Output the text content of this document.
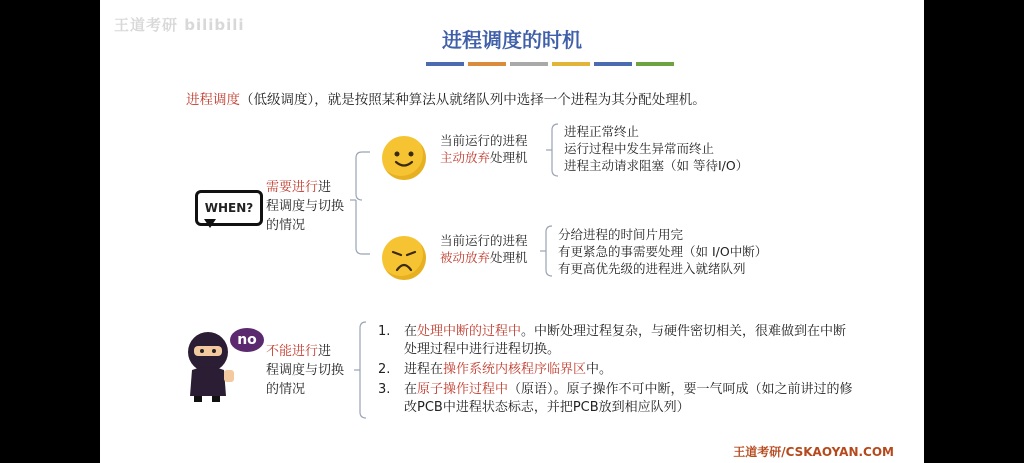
王道考研 bilibili
进程调度的时机
进程调度（低级调度），就是按照某种算法从就绪队列中选择一个进程为其分配处理机。
WHEN?
需要进行进程调度与切换的情况
当前运行的进程主动放弃处理机
进程正常终止
运行过程中发生异常而终止
进程主动请求阻塞（如 等待I/O）
当前运行的进程被动放弃处理机
分给进程的时间片用完
有更紧急的事需要处理（如 I/O中断）
有更高优先级的进程进入就绪队列
no
不能进行进程调度与切换的情况
1.	在处理中断的过程中。中断处理过程复杂，与硬件密切相关，很难做到在中断处理过程中进行进程切换。
2.	进程在操作系统内核程序临界区中。
3.	在原子操作过程中（原语）。原子操作不可中断，要一气呵成（如之前讲过的修改PCB中进程状态标志，并把PCB放到相应队列）
王道考研/CSKAOYAN.COM
